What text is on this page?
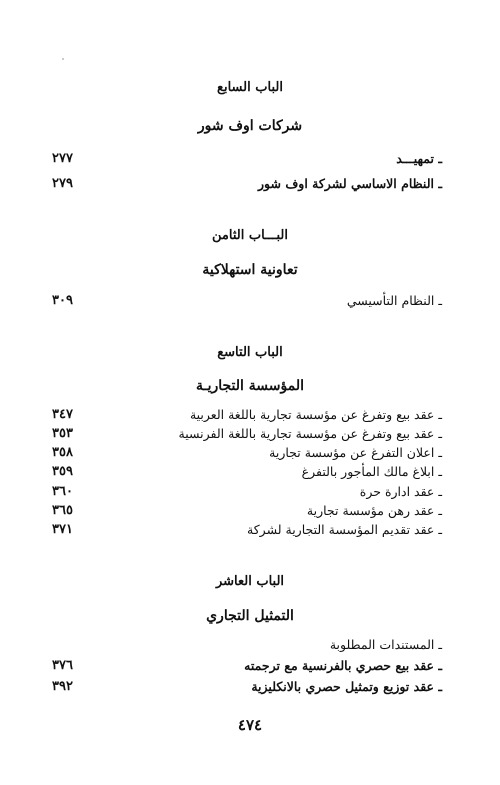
الباب السابع
شركات اوف شور
ـ تمهيـــد
٢٧٧
ـ النظام الاساسي لشركة اوف شور
٢٧٩
البـــاب الثامن
تعاونية استهلاكية
ـ النظام التأسيسي
٣٠٩
الباب التاسع
المؤسسة التجاريـة
ـ عقد بيع وتفرغ عن مؤسسة تجارية باللغة العربية
٣٤٧
ـ عقد بيع وتفرغ عن مؤسسة تجارية باللغة الفرنسية
٣٥٣
ـ اعلان التفرغ عن مؤسسة تجارية
٣٥٨
ـ ابلاغ مالك المأجور بالتفرغ
٣٥٩
ـ عقد ادارة حرة
٣٦٠
ـ عقد رهن مؤسسة تجارية
٣٦٥
ـ عقد تقديم المؤسسة التجارية لشركة
٣٧١
الباب العاشر
التمثيل التجاري
ـ المستندات المطلوبة
ـ عقد بيع حصري بالفرنسية مع ترجمته
٣٧٦
ـ عقد توزيع وتمثيل حصري بالانكليزية
٣٩٢
٤٧٤
